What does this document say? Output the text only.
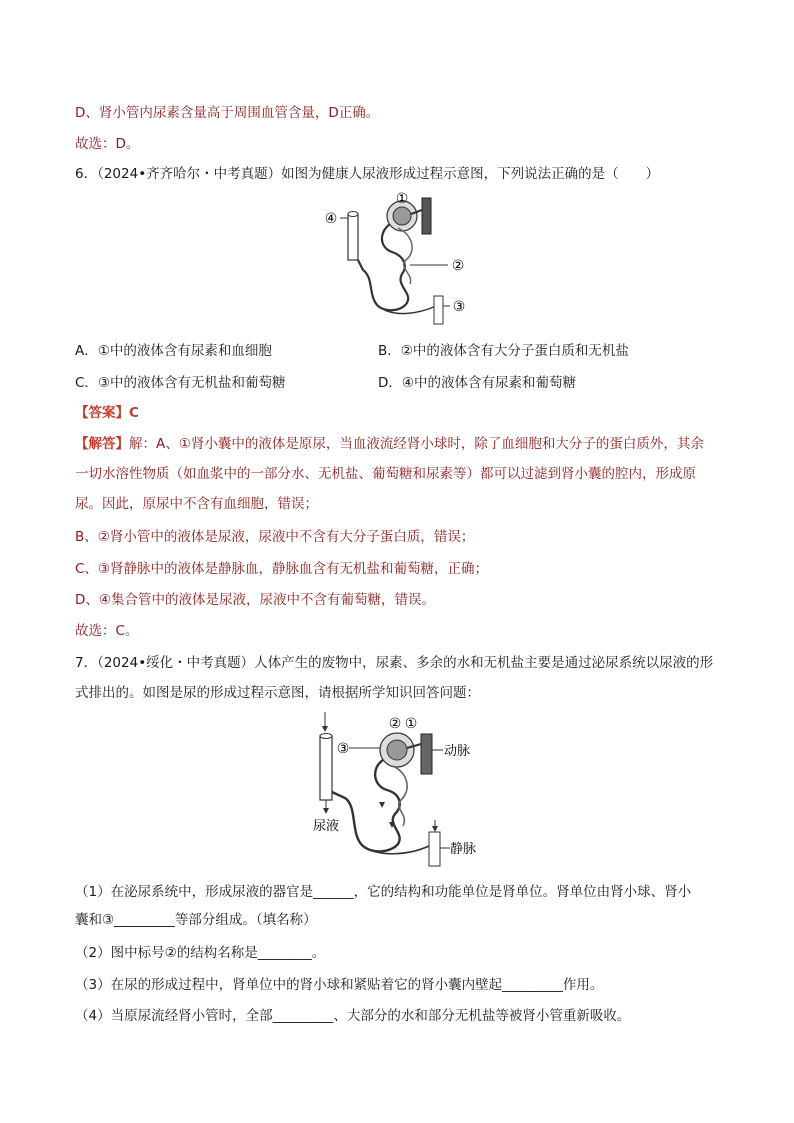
D、肾小管内尿素含量高于周围血管含量，D正确。
故选：D。
6．（2024•齐齐哈尔・中考真题）如图为健康人尿液形成过程示意图，下列说法正确的是（　　）
①
②
③
④
A．①中的液体含有尿素和血细胞	B．②中的液体含有大分子蛋白质和无机盐
C．③中的液体含有无机盐和葡萄糖	D．④中的液体含有尿素和葡萄糖
【答案】C
【解答】解：A、①肾小囊中的液体是原尿，当血液流经肾小球时，除了血细胞和大分子的蛋白质外，其余
一切水溶性物质（如血浆中的一部分水、无机盐、葡萄糖和尿素等）都可以过滤到肾小囊的腔内，形成原
尿。因此，原尿中不含有血细胞，错误；
B、②肾小管中的液体是尿液，尿液中不含有大分子蛋白质，错误；
C、③肾静脉中的液体是静脉血，静脉血含有无机盐和葡萄糖，正确；
D、④集合管中的液体是尿液，尿液中不含有葡萄糖，错误。
故选：C。
7．（2024•绥化・中考真题）人体产生的废物中，尿素、多余的水和无机盐主要是通过泌尿系统以尿液的形
式排出的。如图是尿的形成过程示意图，请根据所学知识回答问题：
② ①
③	动脉
尿液
静脉
（1）在泌尿系统中，形成尿液的器官是______，它的结构和功能单位是肾单位。肾单位由肾小球、肾小
囊和③_________等部分组成。（填名称）
（2）图中标号②的结构名称是________。
（3）在尿的形成过程中，肾单位中的肾小球和紧贴着它的肾小囊内壁起_________作用。
（4）当原尿流经肾小管时，全部_________、大部分的水和部分无机盐等被肾小管重新吸收。
